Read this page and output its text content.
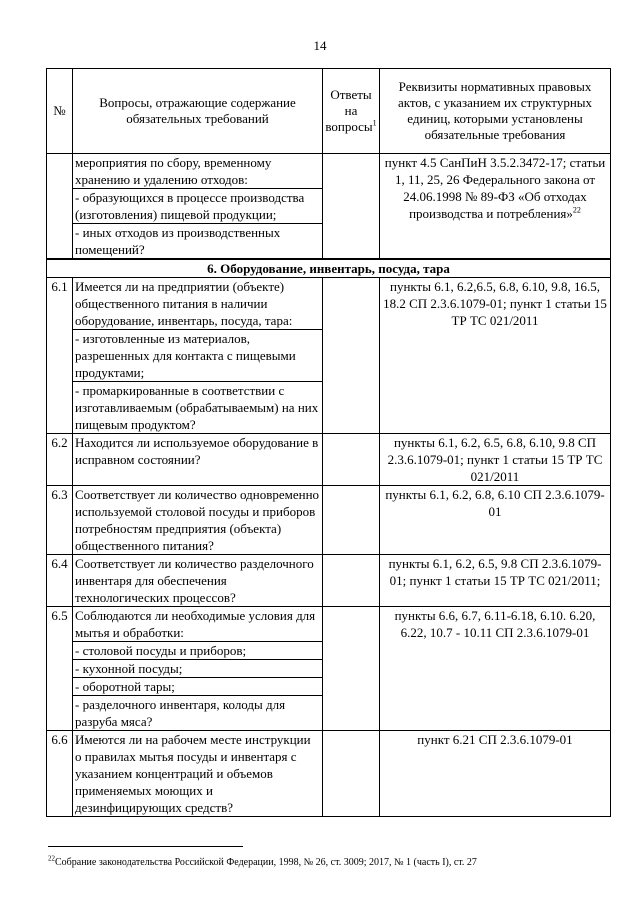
14
№	Вопросы, отражающие содержание обязательных требований	Ответы на вопросы$^1$	Реквизиты нормативных правовых актов, с указанием их структурных единиц, которыми установлены обязательные требования
	мероприятия по сбору, временному хранению и удалению отходов:		пункт 4.5 СанПиН 3.5.2.3472-17; статьи 1, 11, 25, 26 Федерального закона от 24.06.1998 № 89-ФЗ «Об отходах производства и потребления»$^{22}$
	- образующихся в процессе производства (изготовления) пищевой продукции;		
	- иных отходов из производственных помещений?		
6. Оборудование, инвентарь, посуда, тара			
6.1	Имеется ли на предприятии (объекте) общественного питания в наличии оборудование, инвентарь, посуда, тара:		пункты 6.1, 6.2,6.5, 6.8, 6.10, 9.8, 16.5, 18.2 СП 2.3.6.1079-01; пункт 1 статьи 15 ТР ТС 021/2011
	- изготовленные из материалов, разрешенных для контакта с пищевыми продуктами;		
	- промаркированные в соответствии с изготавливаемым (обрабатываемым) на них пищевым продуктом?		
6.2	Находится ли используемое оборудование в исправном состоянии?		пункты 6.1, 6.2, 6.5, 6.8, 6.10, 9.8 СП 2.3.6.1079-01; пункт 1 статьи 15 ТР ТС 021/2011
6.3	Соответствует ли количество одновременно используемой столовой посуды и приборов потребностям предприятия (объекта) общественного питания?		пункты 6.1, 6.2, 6.8, 6.10 СП 2.3.6.1079-01
6.4	Соответствует ли количество разделочного инвентаря для обеспечения технологических процессов?		пункты 6.1, 6.2, 6.5, 9.8 СП 2.3.6.1079-01; пункт 1 статьи 15 ТР ТС 021/2011;
6.5	Соблюдаются ли необходимые условия для мытья и обработки:		пункты 6.6, 6.7, 6.11-6.18, 6.10. 6.20, 6.22, 10.7 - 10.11 СП 2.3.6.1079-01
	- столовой посуды и приборов;		
	- кухонной посуды;		
	- оборотной тары;		
	- разделочного инвентаря, колоды для разруба мяса?		
6.6	Имеются ли на рабочем месте инструкции о правилах мытья посуды и инвентаря с указанием концентраций и объемов применяемых моющих и дезинфицирующих средств?		пункт 6.21 СП 2.3.6.1079-01
$^{22}$Собрание законодательства Российской Федерации, 1998, № 26, ст. 3009; 2017, № 1 (часть I), ст. 27
